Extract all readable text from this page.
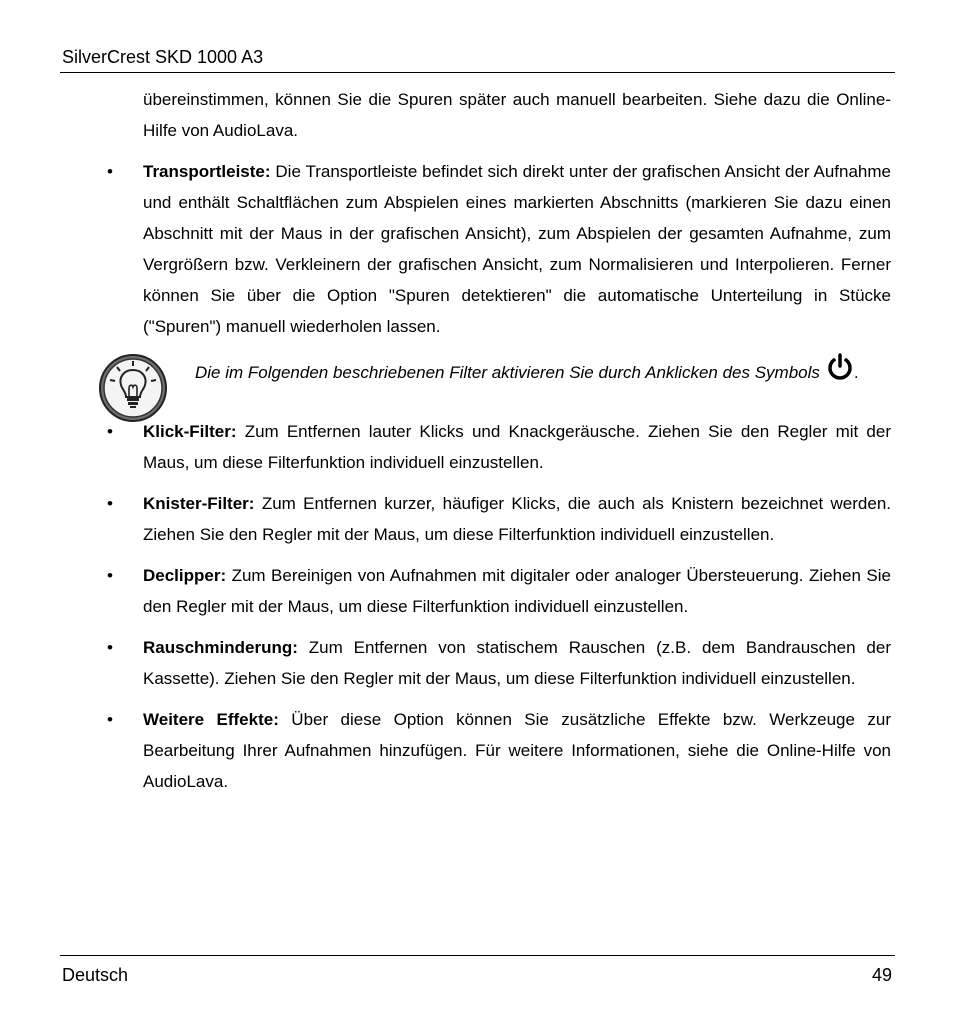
SilverCrest SKD 1000 A3

übereinstimmen, können Sie die Spuren später auch manuell bearbeiten. Siehe dazu die Online-Hilfe von AudioLava.

• Transportleiste: Die Transportleiste befindet sich direkt unter der grafischen Ansicht der Aufnahme und enthält Schaltflächen zum Abspielen eines markierten Abschnitts (markieren Sie dazu einen Abschnitt mit der Maus in der grafischen Ansicht), zum Abspielen der gesamten Aufnahme, zum Vergrößern bzw. Verkleinern der grafischen Ansicht, zum Normalisieren und Interpolieren. Ferner können Sie über die Option "Spuren detektieren" die automatische Unterteilung in Stücke ("Spuren") manuell wiederholen lassen.
Die im Folgenden beschriebenen Filter aktivieren Sie durch Anklicken des Symbols .
• Klick-Filter: Zum Entfernen lauter Klicks und Knackgeräusche. Ziehen Sie den Regler mit der Maus, um diese Filterfunktion individuell einzustellen.
• Knister-Filter: Zum Entfernen kurzer, häufiger Klicks, die auch als Knistern bezeichnet werden. Ziehen Sie den Regler mit der Maus, um diese Filterfunktion individuell einzustellen.
• Declipper: Zum Bereinigen von Aufnahmen mit digitaler oder analoger Übersteuerung. Ziehen Sie den Regler mit der Maus, um diese Filterfunktion individuell einzustellen.
• Rauschminderung: Zum Entfernen von statischem Rauschen (z.B. dem Bandrauschen der Kassette). Ziehen Sie den Regler mit der Maus, um diese Filterfunktion individuell einzustellen.
• Weitere Effekte: Über diese Option können Sie zusätzliche Effekte bzw. Werkzeuge zur Bearbeitung Ihrer Aufnahmen hinzufügen. Für weitere Informationen, siehe die Online-Hilfe von AudioLava.
Deutsch	49
